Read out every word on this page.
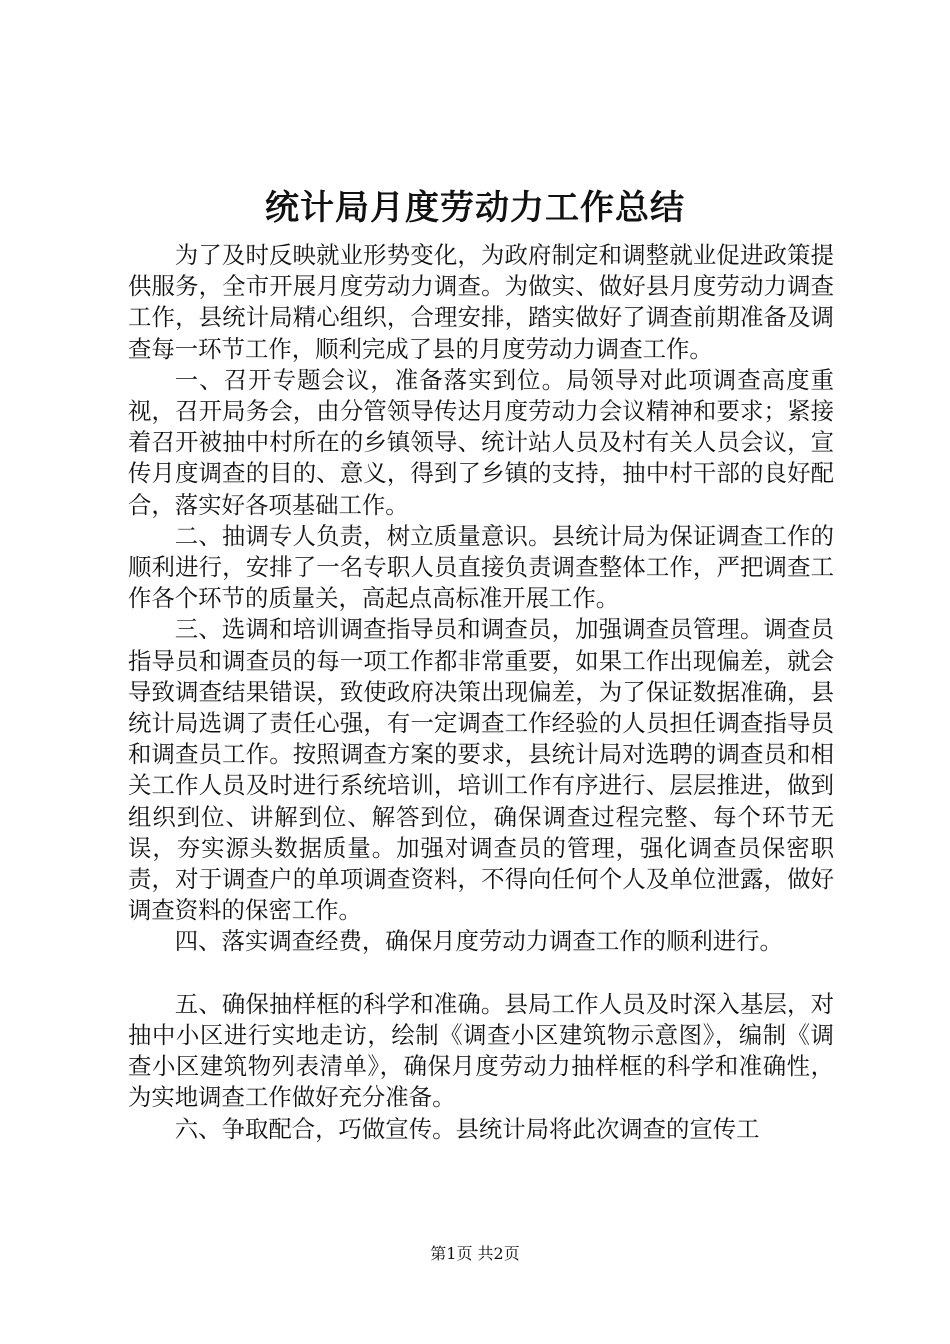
统计局月度劳动力工作总结

为了及时反映就业形势变化，为政府制定和调整就业促进政策提供服务，全市开展月度劳动力调查。为做实、做好县月度劳动力调查工作，县统计局精心组织，合理安排，踏实做好了调查前期准备及调查每一环节工作，顺利完成了县的月度劳动力调查工作。

一、召开专题会议，准备落实到位。局领导对此项调查高度重视，召开局务会，由分管领导传达月度劳动力会议精神和要求；紧接着召开被抽中村所在的乡镇领导、统计站人员及村有关人员会议，宣传月度调查的目的、意义，得到了乡镇的支持，抽中村干部的良好配合，落实好各项基础工作。

二、抽调专人负责，树立质量意识。县统计局为保证调查工作的顺利进行，安排了一名专职人员直接负责调查整体工作，严把调查工作各个环节的质量关，高起点高标准开展工作。

三、选调和培训调查指导员和调查员，加强调查员管理。调查员指导员和调查员的每一项工作都非常重要，如果工作出现偏差，就会导致调查结果错误，致使政府决策出现偏差，为了保证数据准确，县统计局选调了责任心强，有一定调查工作经验的人员担任调查指导员和调查员工作。按照调查方案的要求，县统计局对选聘的调查员和相关工作人员及时进行系统培训，培训工作有序进行、层层推进，做到组织到位、讲解到位、解答到位，确保调查过程完整、每个环节无误，夯实源头数据质量。加强对调查员的管理，强化调查员保密职责，对于调查户的单项调查资料，不得向任何个人及单位泄露，做好调查资料的保密工作。

四、落实调查经费，确保月度劳动力调查工作的顺利进行。

五、确保抽样框的科学和准确。县局工作人员及时深入基层，对抽中小区进行实地走访，绘制《调查小区建筑物示意图》，编制《调查小区建筑物列表清单》，确保月度劳动力抽样框的科学和准确性，为实地调查工作做好充分准备。

六、争取配合，巧做宣传。县统计局将此次调查的宣传工

第1页 共2页
